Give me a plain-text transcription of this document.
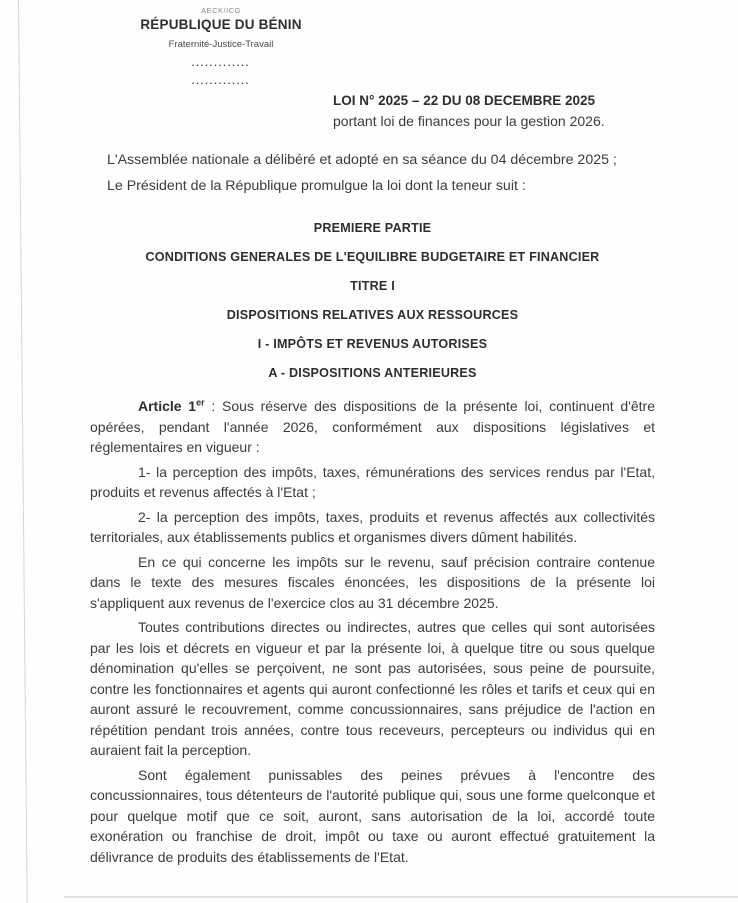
AECK/ICG
RÉPUBLIQUE DU BÉNIN
Fraternité-Justice-Travail
.............
.............
LOI N° 2025 – 22 DU 08 DECEMBRE 2025
portant loi de finances pour la gestion 2026.

L'Assemblée nationale a délibéré et adopté en sa séance du 04 décembre 2025 ;

Le Président de la République promulgue la loi dont la teneur suit :

PREMIERE PARTIE
CONDITIONS GENERALES DE L'EQUILIBRE BUDGETAIRE ET FINANCIER
TITRE I
DISPOSITIONS RELATIVES AUX RESSOURCES
I - IMPÔTS ET REVENUS AUTORISES
A - DISPOSITIONS ANTERIEURES

Article 1er : Sous réserve des dispositions de la présente loi, continuent d'être opérées, pendant l'année 2026, conformément aux dispositions législatives et réglementaires en vigueur :

1- la perception des impôts, taxes, rémunérations des services rendus par l'Etat, produits et revenus affectés à l'Etat ;

2- la perception des impôts, taxes, produits et revenus affectés aux collectivités territoriales, aux établissements publics et organismes divers dûment habilités.

En ce qui concerne les impôts sur le revenu, sauf précision contraire contenue dans le texte des mesures fiscales énoncées, les dispositions de la présente loi s'appliquent aux revenus de l'exercice clos au 31 décembre 2025.

Toutes contributions directes ou indirectes, autres que celles qui sont autorisées par les lois et décrets en vigueur et par la présente loi, à quelque titre ou sous quelque dénomination qu'elles se perçoivent, ne sont pas autorisées, sous peine de poursuite, contre les fonctionnaires et agents qui auront confectionné les rôles et tarifs et ceux qui en auront assuré le recouvrement, comme concussionnaires, sans préjudice de l'action en répétition pendant trois années, contre tous receveurs, percepteurs ou individus qui en auraient fait la perception.

Sont également punissables des peines prévues à l'encontre des concussionnaires, tous détenteurs de l'autorité publique qui, sous une forme quelconque et pour quelque motif que ce soit, auront, sans autorisation de la loi, accordé toute exonération ou franchise de droit, impôt ou taxe ou auront effectué gratuitement la délivrance de produits des établissements de l'Etat.
